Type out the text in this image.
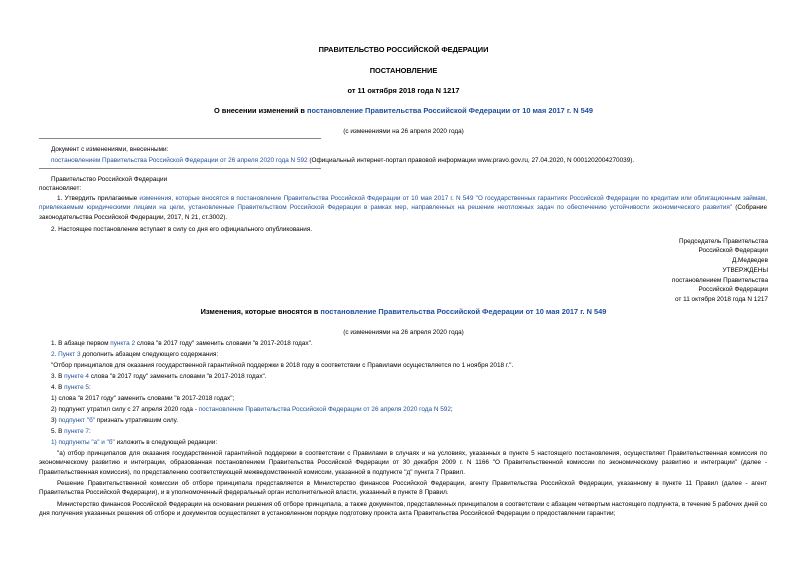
ПРАВИТЕЛЬСТВО РОССИЙСКОЙ ФЕДЕРАЦИИ
ПОСТАНОВЛЕНИЕ
от 11 октября 2018 года N 1217
О внесении изменений в постановление Правительства Российской Федерации от 10 мая 2017 г. N 549
(с изменениями на 26 апреля 2020 года)
Документ с изменениями, внесенными:
постановлением Правительства Российской Федерации от 26 апреля 2020 года N 592 (Официальный интернет-портал правовой информации www.pravo.gov.ru, 27.04.2020, N 0001202004270039).
Правительство Российской Федерации
постановляет:
1. Утвердить прилагаемые изменения, которые вносятся в постановление Правительства Российской Федерации от 10 мая 2017 г. N 549 "О государственных гарантиях Российской Федерации по кредитам или облигационным займам, привлекаемым юридическими лицами на цели, установленные Правительством Российской Федерации в рамках мер, направленных на решение неотложных задач по обеспечению устойчивости экономического развития" (Собрание законодательства Российской Федерации, 2017, N 21, ст.3002).
2. Настоящее постановление вступает в силу со дня его официального опубликования.
Председатель Правительства
Российской Федерации
Д.Медведев
УТВЕРЖДЕНЫ
постановлением Правительства
Российской Федерации
от 11 октября 2018 года N 1217
Изменения, которые вносятся в постановление Правительства Российской Федерации от 10 мая 2017 г. N 549
(с изменениями на 26 апреля 2020 года)
1. В абзаце первом пункта 2 слова "в 2017 году" заменить словами "в 2017-2018 годах".
2. Пункт 3 дополнить абзацем следующего содержания:
"Отбор принципалов для оказания государственной гарантийной поддержки в 2018 году в соответствии с Правилами осуществляется по 1 ноября 2018 г.".
3. В пункте 4 слова "в 2017 году" заменить словами "в 2017-2018 годах".
4. В пункте 5:
1) слова "в 2017 году" заменить словами "в 2017-2018 годах";
2) подпункт утратил силу с 27 апреля 2020 года - постановление Правительства Российской Федерации от 26 апреля 2020 года N 592;
3) подпункт "б" признать утратившим силу.
5. В пункте 7:
1) подпункты "а" и "б" изложить в следующей редакции:
"а) отбор принципалов для оказания государственной гарантийной поддержки в соответствии с Правилами в случаях и на условиях, указанных в пункте 5 настоящего постановления, осуществляет Правительственная комиссия по экономическому развитию и интеграции, образованная постановлением Правительства Российской Федерации от 30 декабря 2009 г. N 1166 "О Правительственной комиссии по экономическому развитию и интеграции" (далее - Правительственная комиссия), по представлению соответствующей межведомственной комиссии, указанной в подпункте "д" пункта 7 Правил.
Решение Правительственной комиссии об отборе принципала представляется в Министерство финансов Российской Федерации, агенту Правительства Российской Федерации, указанному в пункте 11 Правил (далее - агент Правительства Российской Федерации), и в уполномоченный федеральный орган исполнительной власти, указанный в пункте 8 Правил.
Министерство финансов Российской Федерации на основании решения об отборе принципала, а также документов, представленных принципалом в соответствии с абзацем четвертым настоящего подпункта, в течение 5 рабочих дней со дня получения указанных решения об отборе и документов осуществляет в установленном порядке подготовку проекта акта Правительства Российской Федерации о предоставлении гарантии;
